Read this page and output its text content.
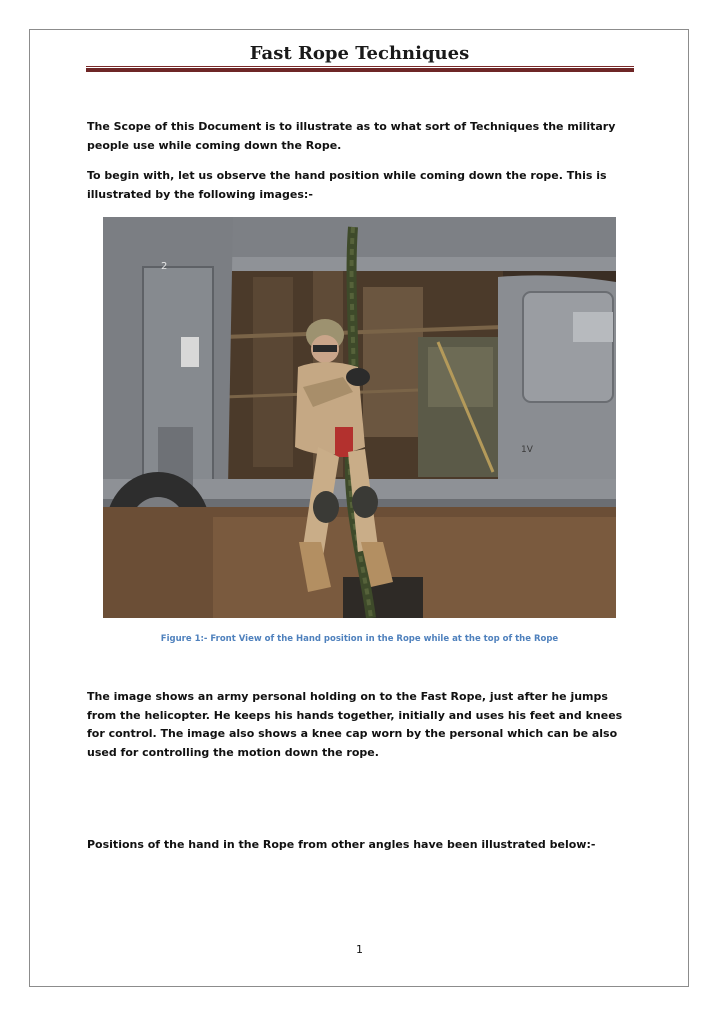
Fast Rope Techniques

The Scope of this Document is to illustrate as to what sort of Techniques the military people use while coming down the Rope.

To begin with, let us observe the hand position while coming down the rope. This is illustrated by the following images:-

2
1V

Figure 1:- Front View of the Hand position in the Rope while at the top of the Rope

The image shows an army personal holding on to the Fast Rope, just after he jumps from the helicopter. He keeps his hands together, initially and uses his feet and knees for control. The image also shows a knee cap worn by the personal which can be also used for controlling the motion down the rope.

Positions of the hand in the Rope from other angles have been illustrated below:-

1
